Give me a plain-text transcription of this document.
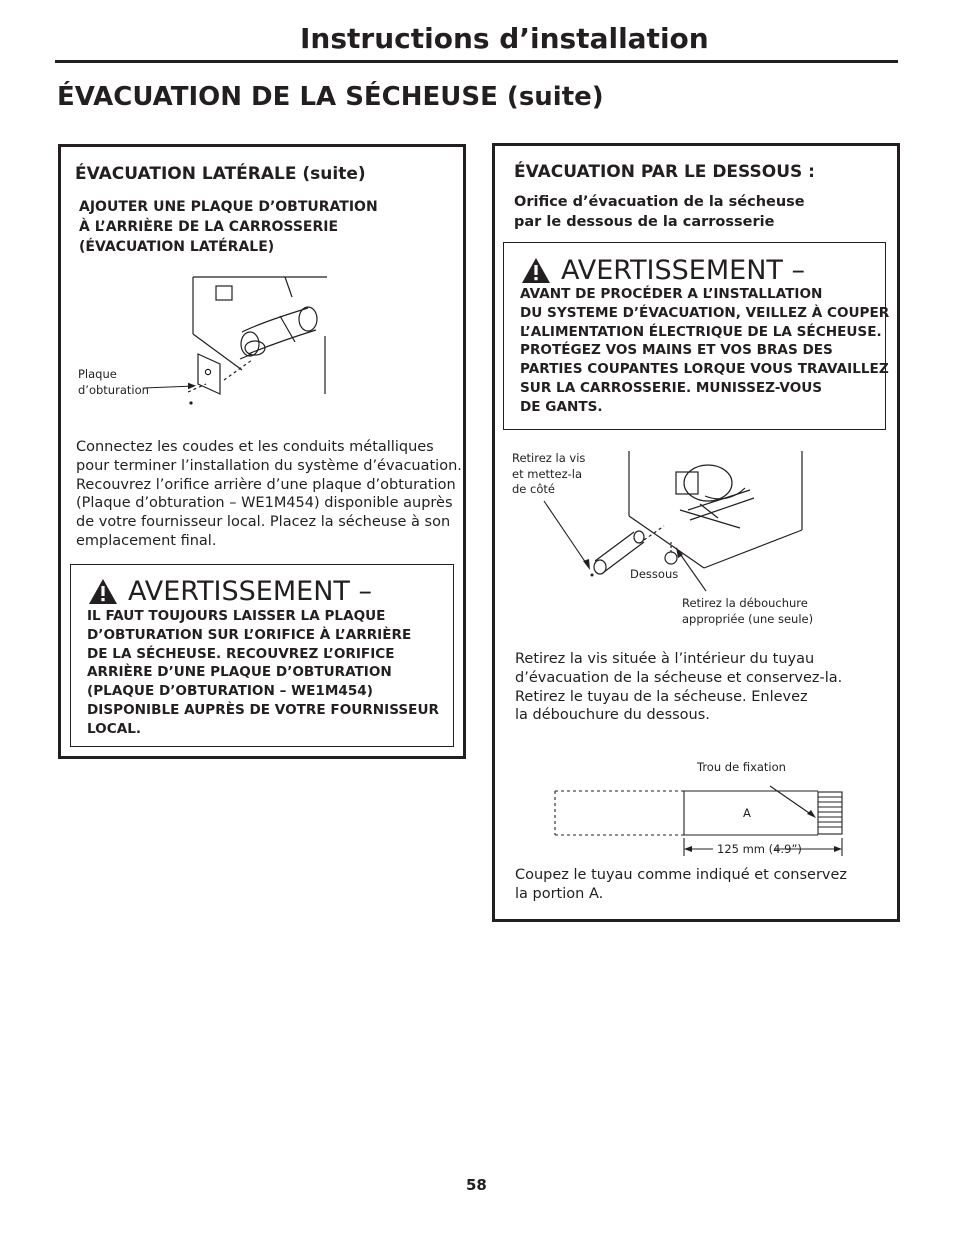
Instructions d’installation
ÉVACUATION DE LA SÉCHEUSE (suite)
ÉVACUATION LATÉRALE (suite)
AJOUTER UNE PLAQUE D’OBTURATION
À L’ARRIÈRE DE LA CARROSSERIE
(ÉVACUATION LATÉRALE)
Plaque
d’obturation
Connectez les coudes et les conduits métalliques
pour terminer l’installation du système d’évacuation.
Recouvrez l’orifice arrière d’une plaque d’obturation
(Plaque d’obturation – WE1M454) disponible auprès
de votre fournisseur local. Placez la sécheuse à son
emplacement final.
AVERTISSEMENT –
IL FAUT TOUJOURS LAISSER LA PLAQUE
D’OBTURATION SUR L’ORIFICE À L’ARRIÈRE
DE LA SÉCHEUSE. RECOUVREZ L’ORIFICE
ARRIÈRE D’UNE PLAQUE D’OBTURATION
(PLAQUE D’OBTURATION – WE1M454)
DISPONIBLE AUPRÈS DE VOTRE FOURNISSEUR
LOCAL.
ÉVACUATION PAR LE DESSOUS :
Orifice d’évacuation de la sécheuse
par le dessous de la carrosserie
AVERTISSEMENT –
AVANT DE PROCÉDER A L’INSTALLATION
DU SYSTEME D’ÉVACUATION, VEILLEZ À COUPER
L’ALIMENTATION ÉLECTRIQUE DE LA SÉCHEUSE.
PROTÉGEZ VOS MAINS ET VOS BRAS DES
PARTIES COUPANTES LORQUE VOUS TRAVAILLEZ
SUR LA CARROSSERIE. MUNISSEZ-VOUS
DE GANTS.
Retirez la vis
et mettez-la
de côté
Dessous
Retirez la débouchure
appropriée (une seule)
Retirez la vis située à l’intérieur du tuyau
d’évacuation de la sécheuse et conservez-la.
Retirez le tuyau de la sécheuse. Enlevez
la débouchure du dessous.
Trou de fixation
A
125 mm (4.9”)
Coupez le tuyau comme indiqué et conservez
la portion A.
58
